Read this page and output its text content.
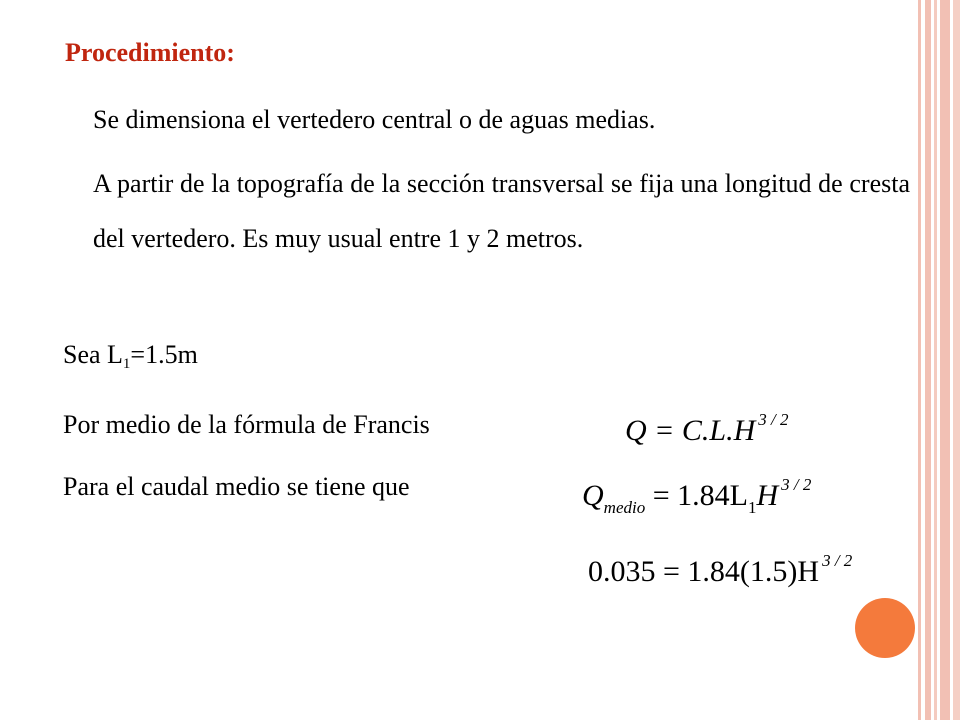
Procedimiento:
Se dimensiona el vertedero central o de aguas medias.
A partir de la topografía de la sección transversal se fija una longitud de cresta del vertedero. Es muy usual entre 1 y 2 metros.
Sea L1=1.5m
Por medio de la fórmula de Francis
Para el caudal medio se tiene que
Q = C.L.H $^{3 / 2}$
$Q_{medio} = 1.84L_1H$ $^{3 / 2}$
0.035 = 1.84(1.5)H $^{3 / 2}$
